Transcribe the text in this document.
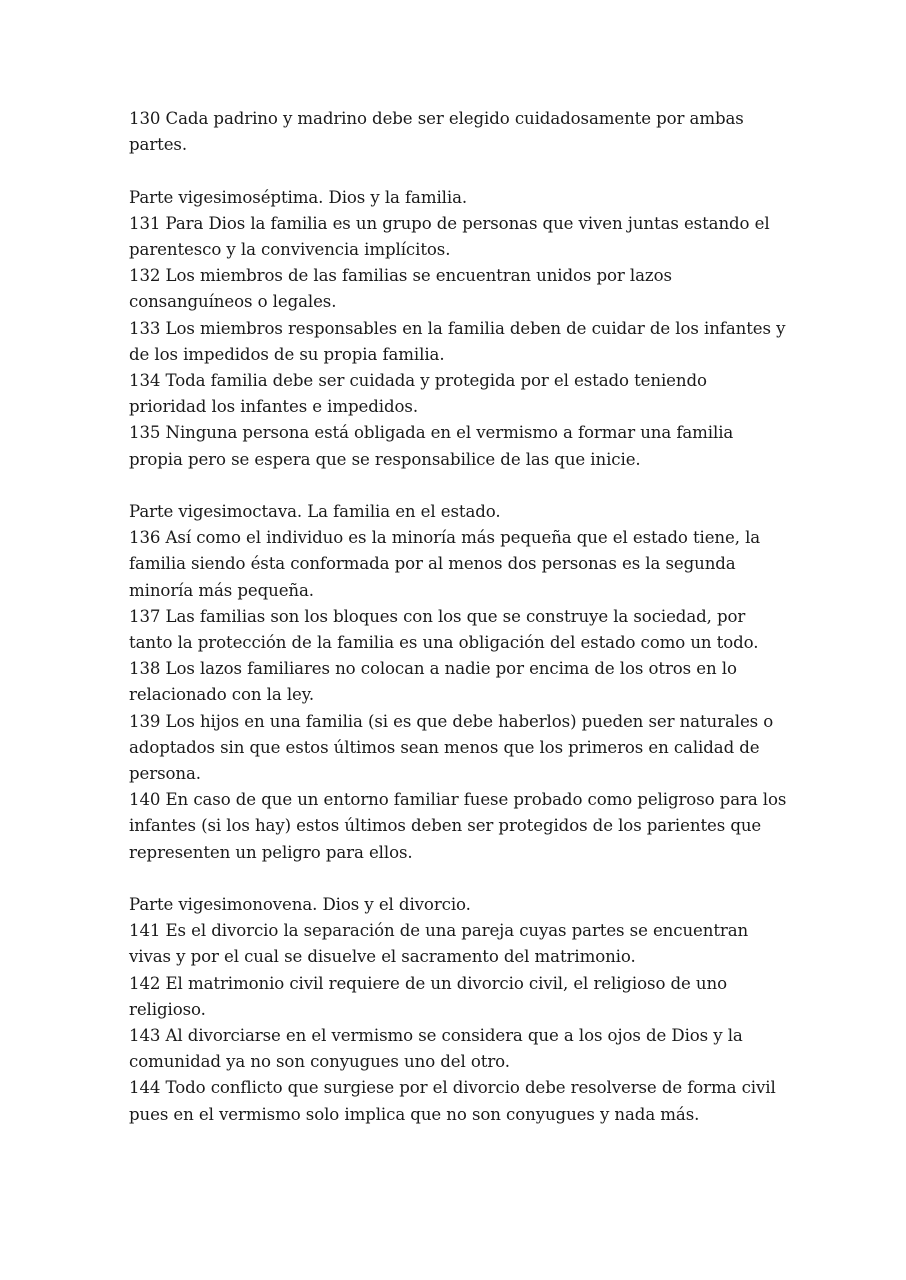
130 Cada padrino y madrino debe ser elegido cuidadosamente por ambas partes.

Parte vigesimoséptima. Dios y la familia.

131 Para Dios la familia es un grupo de personas que viven juntas estando el parentesco y la convivencia implícitos.

132 Los miembros de las familias se encuentran unidos por lazos consanguíneos o legales.

133 Los miembros responsables en la familia deben de cuidar de los infantes y de los impedidos de su propia familia.

134 Toda familia debe ser cuidada y protegida por el estado teniendo prioridad los infantes e impedidos.

135 Ninguna persona está obligada en el vermismo a formar una familia propia pero se espera que se responsabilice de las que inicie.

Parte vigesimoctava. La familia en el estado.

136 Así como el individuo es la minoría más pequeña que el estado tiene, la familia siendo ésta conformada por al menos dos personas es la segunda minoría más pequeña.

137 Las familias son los bloques con los que se construye la sociedad, por tanto la protección de la familia es una obligación del estado como un todo.

138 Los lazos familiares no colocan a nadie por encima de los otros en lo relacionado con la ley.

139 Los hijos en una familia (si es que debe haberlos) pueden ser naturales o adoptados sin que estos últimos sean menos que los primeros en calidad de persona.

140 En caso de que un entorno familiar fuese probado como peligroso para los infantes (si los hay) estos últimos deben ser protegidos de los parientes que representen un peligro para ellos.

Parte vigesimonovena. Dios y el divorcio.

141 Es el divorcio la separación de una pareja cuyas partes se encuentran vivas y por el cual se disuelve el sacramento del matrimonio.

142 El matrimonio civil requiere de un divorcio civil, el religioso de uno religioso.

143 Al divorciarse en el vermismo se considera que a los ojos de Dios y la comunidad ya no son conyugues uno del otro.

144 Todo conflicto que surgiese por el divorcio debe resolverse de forma civil pues en el vermismo solo implica que no son conyugues y nada más.
